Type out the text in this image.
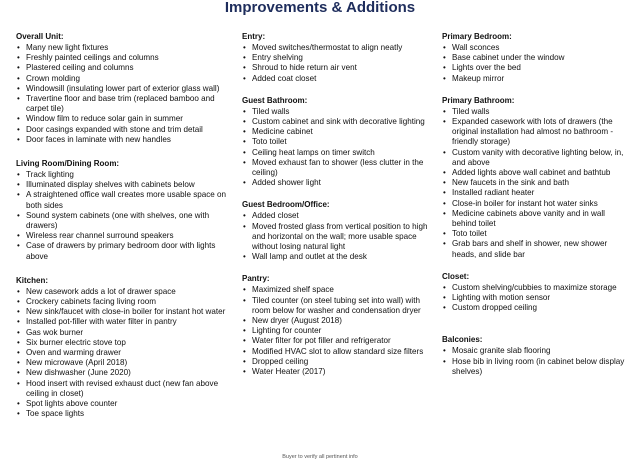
Improvements & Additions
Overall Unit:
• Many new light fixtures
• Freshly painted ceilings and columns
• Plastered ceiling and columns
• Crown molding
• Windowsill (insulating lower part of exterior glass wall)
• Travertine floor and base trim (replaced bamboo and carpet tile)
• Window film to reduce solar gain in summer
• Door casings expanded with stone and trim detail
• Door faces in laminate with new handles
Living Room/Dining Room:
• Track lighting
• Illuminated display shelves with cabinets below
• A straightened office wall creates more usable space on both sides
• Sound system cabinets (one with shelves, one with drawers)
• Wireless rear channel surround speakers
• Case of drawers by primary bedroom door with lights above
Kitchen:
• New casework adds a lot of drawer space
• Crockery cabinets facing living room
• New sink/faucet with close-in boiler for instant hot water
• Installed pot-filler with water filter in pantry
• Gas wok burner
• Six burner electric stove top
• Oven and warming drawer
• New microwave (April 2018)
• New dishwasher (June 2020)
• Hood insert with revised exhaust duct (new fan above ceiling in closet)
• Spot lights above counter
• Toe space lights
Entry:
• Moved switches/thermostat to align neatly
• Entry shelving
• Shroud to hide return air vent
• Added coat closet
Guest Bathroom:
• Tiled walls
• Custom cabinet and sink with decorative lighting
• Medicine cabinet
• Toto toilet
• Ceiling heat lamps on timer switch
• Moved exhaust fan to shower (less clutter in the ceiling)
• Added shower light
Guest Bedroom/Office:
• Added closet
• Moved frosted glass from vertical position to high and horizontal on the wall; more usable space without losing natural light
• Wall lamp and outlet at the desk
Pantry:
• Maximized shelf space
• Tiled counter (on steel tubing set into wall) with room below for washer and condensation dryer
• New dryer (August 2018)
• Lighting for counter
• Water filter for pot filler and refrigerator
• Modified HVAC slot to allow standard size filters
• Dropped ceiling
• Water Heater (2017)
Primary Bedroom:
• Wall sconces
• Base cabinet under the window
• Lights over the bed
• Makeup mirror
Primary Bathroom:
• Tiled walls
• Expanded casework with lots of drawers (the original installation had almost no bathroom -friendly storage)
• Custom vanity with decorative lighting below, in, and above
• Added lights above wall cabinet and bathtub
• New faucets in the sink and bath
• Installed radiant heater
• Close-in boiler for instant hot water sinks
• Medicine cabinets above vanity and in wall behind toilet
• Toto toilet
• Grab bars and shelf in shower, new shower heads, and slide bar
Closet:
• Custom shelving/cubbies to maximize storage
• Lighting with motion sensor
• Custom dropped ceiling
Balconies:
• Mosaic granite slab flooring
• Hose bib in living room (in cabinet below display shelves)
Buyer to verify all pertinent info
